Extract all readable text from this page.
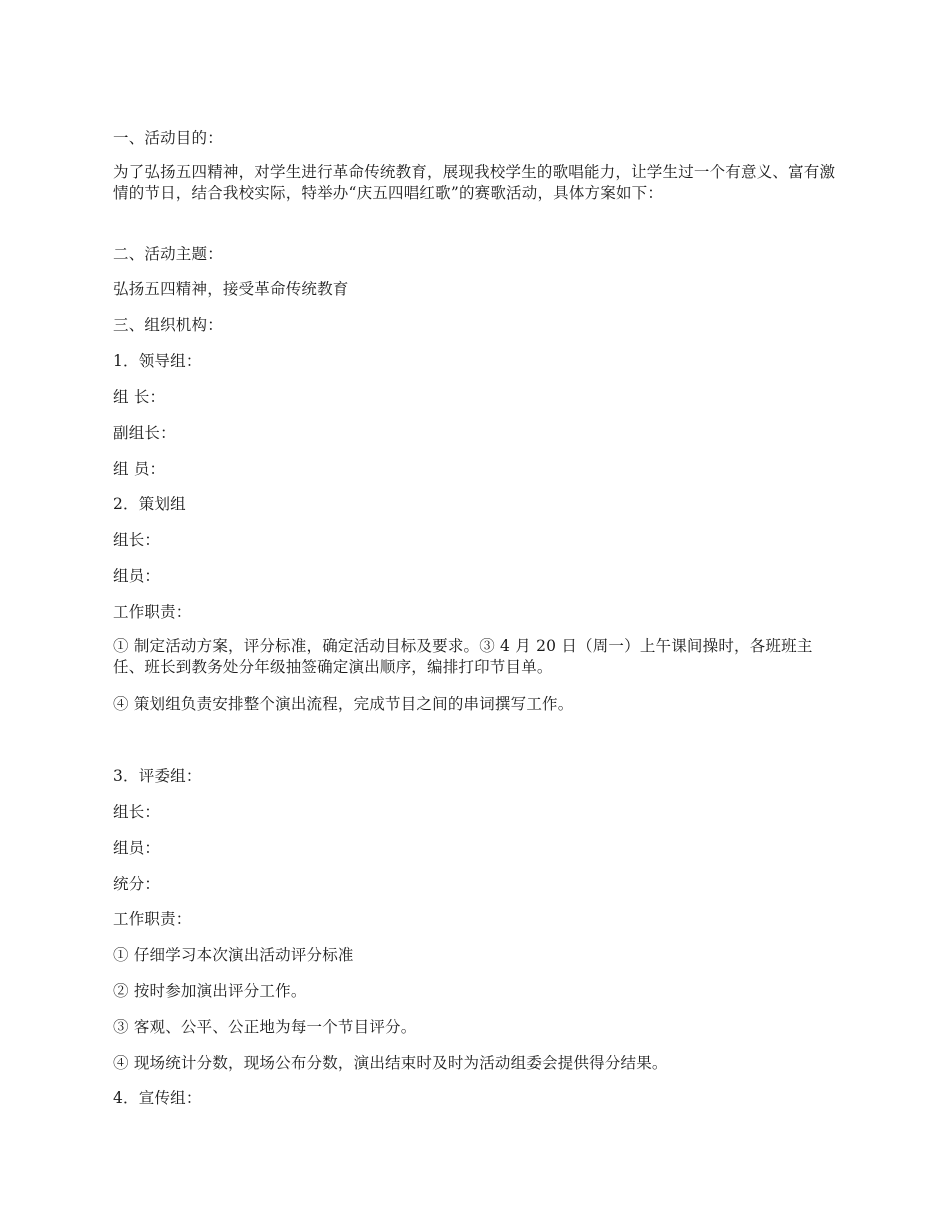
一、活动目的：

为了弘扬五四精神，对学生进行革命传统教育，展现我校学生的歌唱能力，让学生过一个有意义、富有激情的节日，结合我校实际，特举办“庆五四唱红歌”的赛歌活动，具体方案如下：

二、活动主题：

弘扬五四精神，接受革命传统教育

三、组织机构：

1．领导组：

组 长：

副组长：

组 员：

2．策划组

组长：

组员：

工作职责：

① 制定活动方案，评分标准，确定活动目标及要求。③ 4 月 20 日（周一）上午课间操时，各班班主任、班长到教务处分年级抽签确定演出顺序，编排打印节目单。

④ 策划组负责安排整个演出流程，完成节目之间的串词撰写工作。

3．评委组：

组长：

组员：

统分：

工作职责：

① 仔细学习本次演出活动评分标准

② 按时参加演出评分工作。

③ 客观、公平、公正地为每一个节目评分。

④ 现场统计分数，现场公布分数，演出结束时及时为活动组委会提供得分结果。

4．宣传组：
